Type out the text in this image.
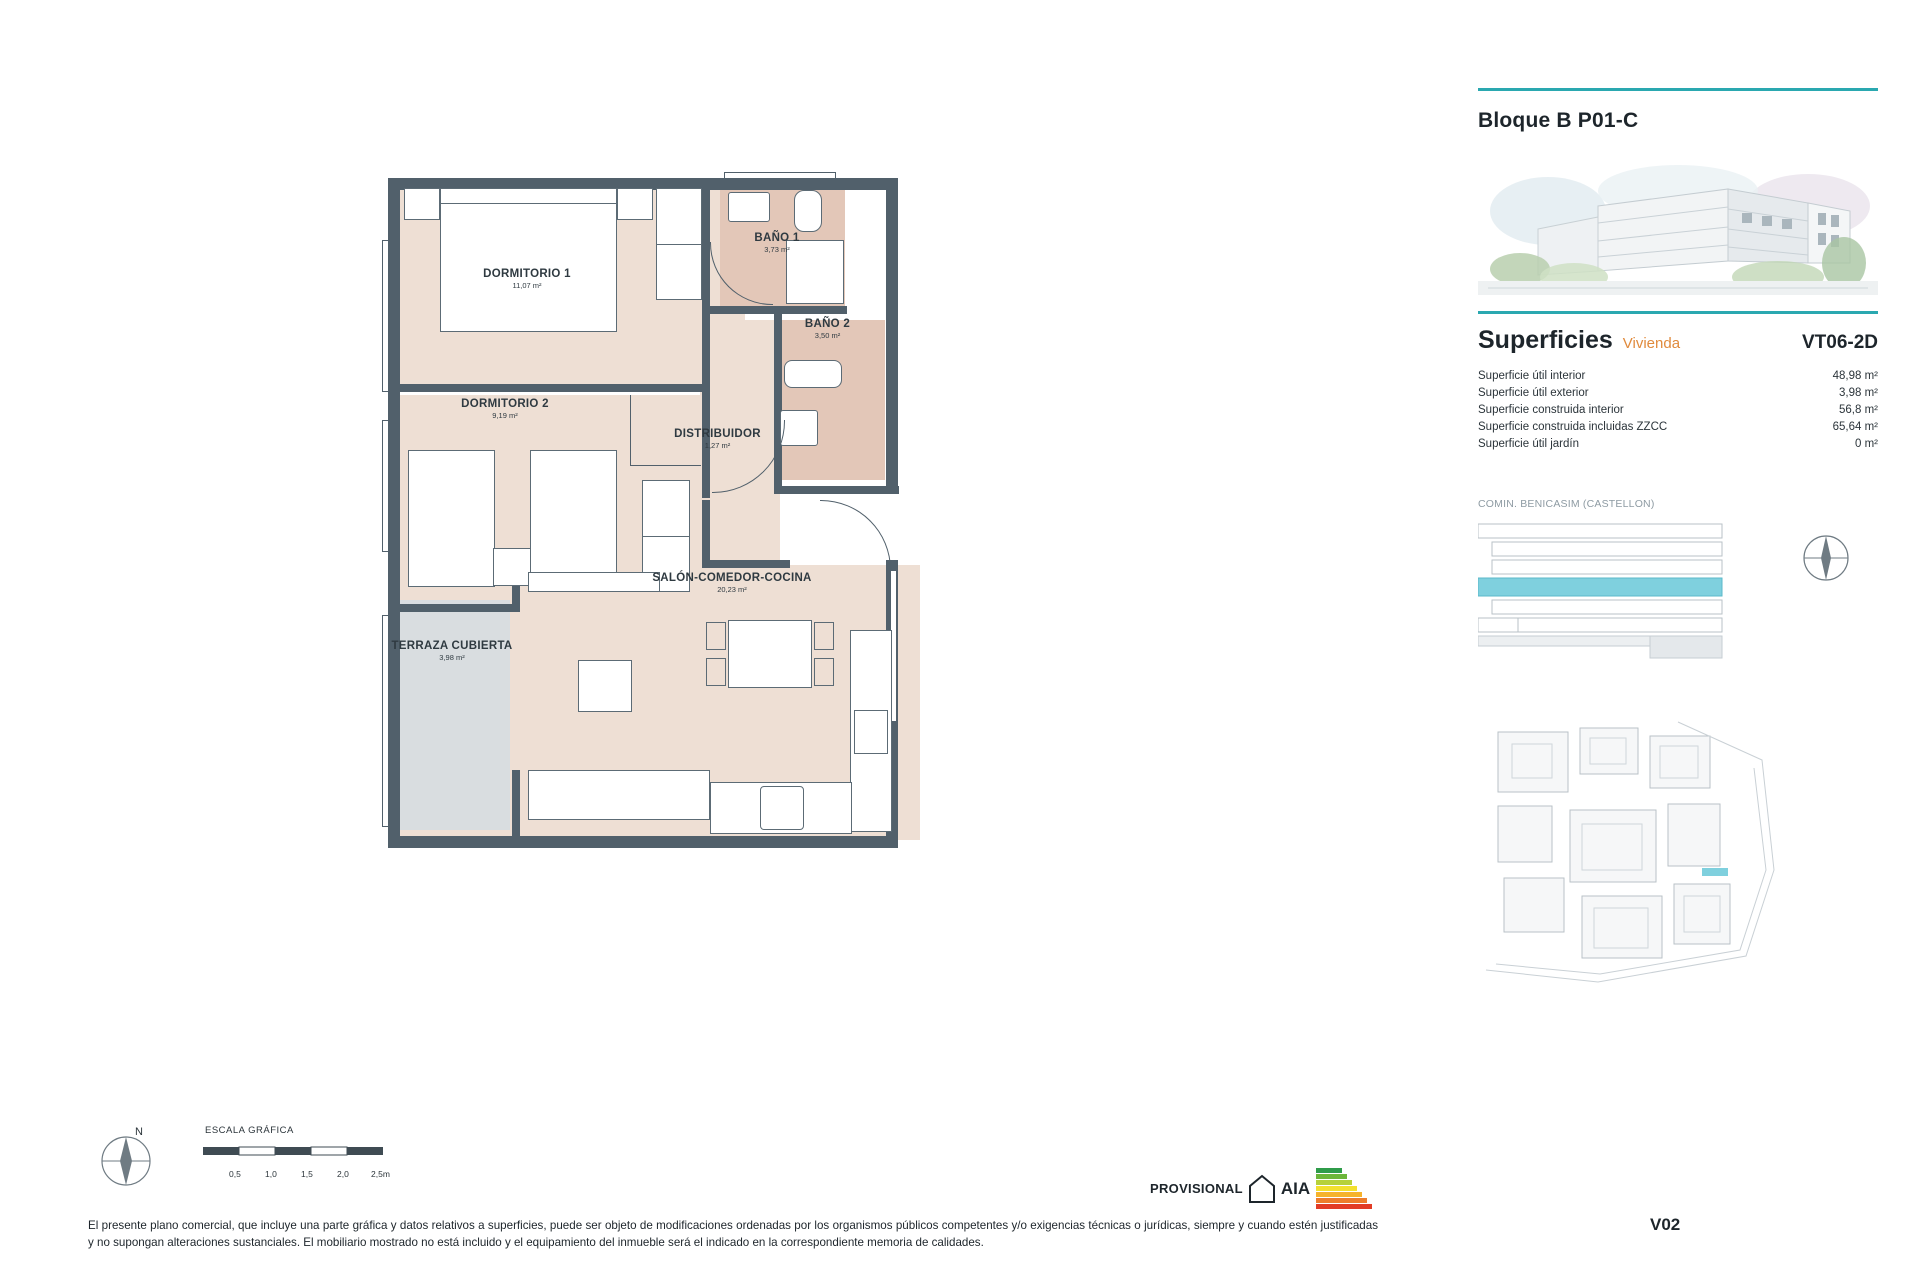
DORMITORIO 1
11,07 m²
DORMITORIO 2
9,19 m²
BAÑO 1
3,73 m²
BAÑO 2
3,50 m²
DISTRIBUIDOR
1,27 m²
SALÓN-COMEDOR-COCINA
20,23 m²
TERRAZA CUBIERTA
3,98 m²
Bloque B P01-C
Superficies Vivienda	VT06-2D
Superficie útil interior	48,98 m²
Superficie útil exterior	3,98 m²
Superficie construida interior	56,8 m²
Superficie construida incluidas ZZCC	65,64 m²
Superficie útil jardín	0 m²
COMIN. BENICASIM (CASTELLON)
V02
N	ESCALA GRÁFICA
0,5	1,0	1,5	2,0	2,5m
PROVISIONAL AIA
El presente plano comercial, que incluye una parte gráfica y datos relativos a superficies, puede ser objeto de modificaciones ordenadas por los organismos públicos competentes y/o exigencias técnicas o jurídicas, siempre y cuando estén justificadas y no supongan alteraciones sustanciales. El mobiliario mostrado no está incluido y el equipamiento del inmueble será el indicado en la correspondiente memoria de calidades.
